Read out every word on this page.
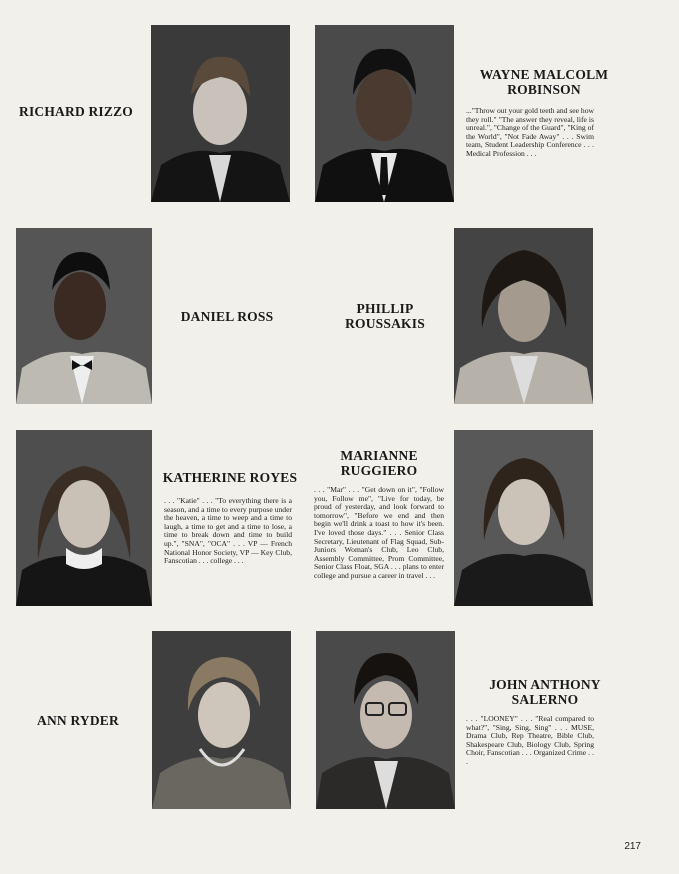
RICHARD RIZZO
WAYNE MALCOLM
ROBINSON
..."Throw out your gold teeth and see how they roll." "The answer they reveal, life is unreal.", "Change of the Guard", "King of the World", "Not Fade Away" . . . Swim team, Student Leadership Conference . . . Medical Profession . . .
DANIEL ROSS
PHILLIP
ROUSSAKIS
KATHERINE ROYES
. . . "Katie" . . . "To everything there is a season, and a time to every purpose under the heaven, a time to weep and a time to laugh, a time to get and a time to lose, a time to break down and time to build up.", "SNA", "OCA" . . . VP — French National Honor Society, VP — Key Club, Fanscotian . . . college . . .
MARIANNE
RUGGIERO
. . . "Mar" . . . "Get down on it", "Follow you, Follow me", "Live for today, be proud of yesterday, and look forward to tomorrow", "Before we end and then begin we'll drink a toast to how it's been. I've loved those days." . . . Senior Class Secretary, Lieutenant of Flag Squad, Sub-Juniors Woman's Club, Leo Club, Assembly Committee, Prom Committee, Senior Class Float, SGA . . . plans to enter college and pursue a career in travel . . .
ANN RYDER
JOHN ANTHONY
SALERNO
. . . "LOONEY" . . . "Real compared to what?", "Sing, Sing, Sing" . . . MUSE, Drama Club, Rep Theatre, Bible Club, Shakespeare Club, Biology Club, Spring Choir, Fanscotian . . . Organized Crime . . .
217
